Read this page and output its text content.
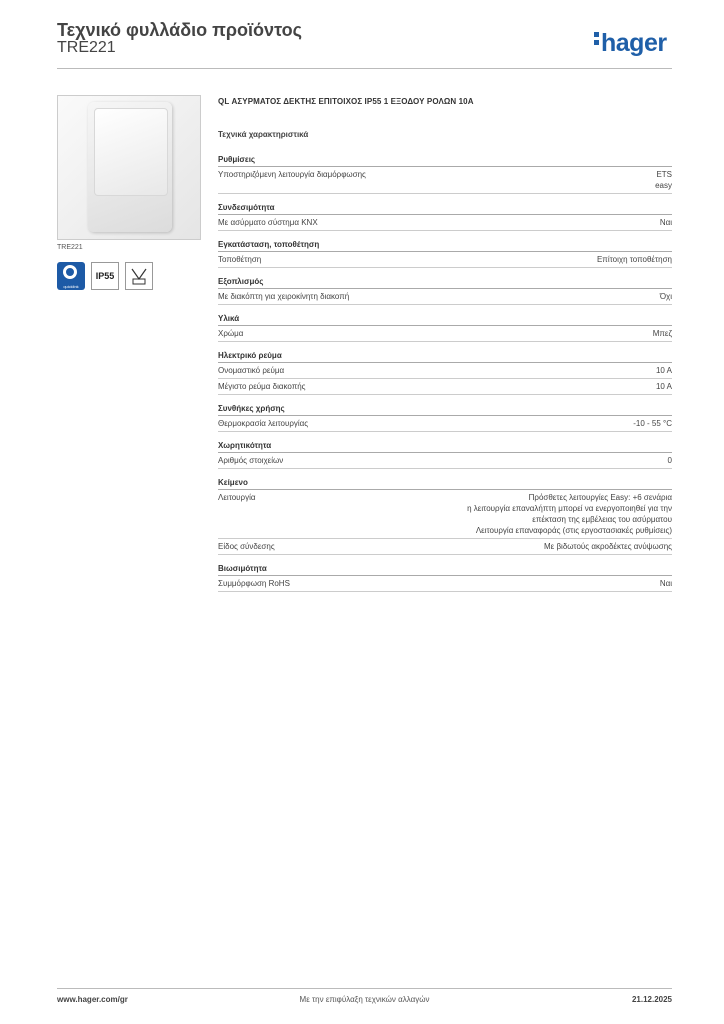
Τεχνικό φυλλάδιο προϊόντος
TRE221	hager
TRE221
quicklink
IP55
QL ΑΣΥΡΜΑΤΟΣ ΔΕΚΤΗΣ ΕΠΙΤΟΙΧΟΣ IP55 1 ΕΞΟΔΟΥ ΡΟΛΩΝ 10A
Τεχνικά χαρακτηριστικά
Ρυθμίσεις
Υποστηριζόμενη λειτουργία διαμόρφωσης	ETS
easy
Συνδεσιμότητα
Με ασύρματο σύστημα KNX	Ναι
Εγκατάσταση, τοποθέτηση
Τοποθέτηση	Επίτοιχη τοποθέτηση
Εξοπλισμός
Με διακόπτη για χειροκίνητη διακοπή	Όχι
Υλικά
Χρώμα	Μπεζ
Ηλεκτρικό ρεύμα
Ονομαστικό ρεύμα	10 A
Μέγιστο ρεύμα διακοπής	10 A
Συνθήκες χρήσης
Θερμοκρασία λειτουργίας	-10 - 55 °C
Χωρητικότητα
Αριθμός στοιχείων	0
Κείμενο
Λειτουργία	Πρόσθετες λειτουργίες Easy: +6 σενάρια
η λειτουργία επαναλήπτη μπορεί να ενεργοποιηθεί για την
επέκταση της εμβέλειας του ασύρματου
Λειτουργία επαναφοράς (στις εργοστασιακές ρυθμίσεις)
Είδος σύνδεσης	Με βιδωτούς ακροδέκτες ανύψωσης
Βιωσιμότητα
Συμμόρφωση RoHS	Ναι
www.hager.com/gr	Με την επιφύλαξη τεχνικών αλλαγών	21.12.2025
